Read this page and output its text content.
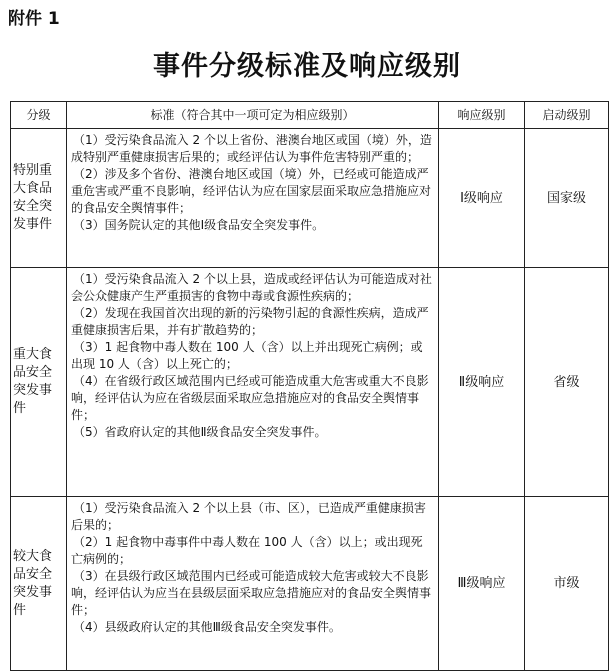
附件 1
事件分级标准及响应级别
分级	标准（符合其中一项可定为相应级别）	响应级别	启动级别
特别重大食品安全突发事件	（1）受污染食品流入 2 个以上省份、港澳台地区或国（境）外，造成特别严重健康损害后果的；或经评估认为事件危害特别严重的；

（2）涉及多个省份、港澳台地区或国（境）外，已经或可能造成严重危害或严重不良影响，经评估认为应在国家层面采取应急措施应对的食品安全舆情事件；

（3）国务院认定的其他Ⅰ级食品安全突发事件。	Ⅰ级响应	国家级
重大食品安全突发事件	（1）受污染食品流入 2 个以上县，造成或经评估认为可能造成对社会公众健康产生严重损害的食物中毒或食源性疾病的；

（2）发现在我国首次出现的新的污染物引起的食源性疾病，造成严重健康损害后果，并有扩散趋势的；

（3）1 起食物中毒人数在 100 人（含）以上并出现死亡病例；或出现 10 人（含）以上死亡的；

（4）在省级行政区域范围内已经或可能造成重大危害或重大不良影响，经评估认为应在省级层面采取应急措施应对的食品安全舆情事件；

（5）省政府认定的其他Ⅱ级食品安全突发事件。	Ⅱ级响应	省级
较大食品安全突发事件	（1）受污染食品流入 2 个以上县（市、区），已造成严重健康损害后果的；

（2）1 起食物中毒事件中毒人数在 100 人（含）以上；或出现死亡病例的；

（3）在县级行政区域范围内已经或可能造成较大危害或较大不良影响，经评估认为应当在县级层面采取应急措施应对的食品安全舆情事件；

（4）县级政府认定的其他Ⅲ级食品安全突发事件。	Ⅲ级响应	市级
